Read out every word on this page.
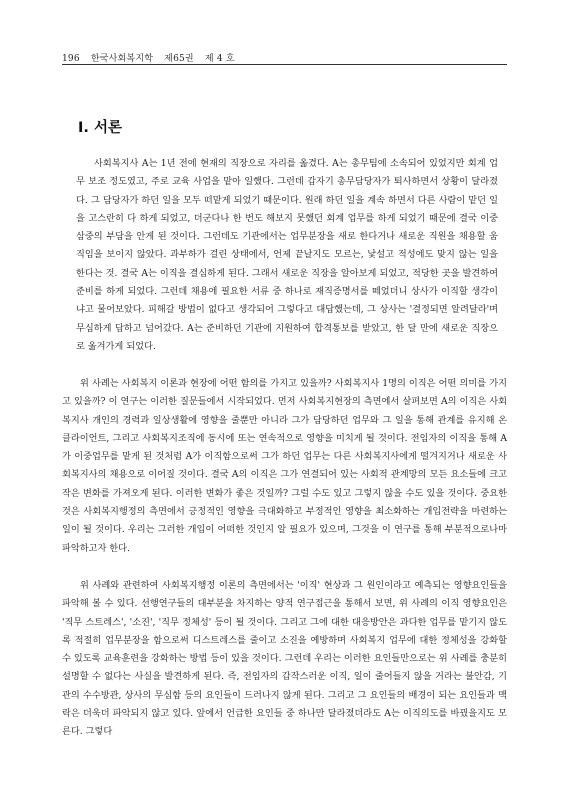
196 한국사회복지학 제65권 제 4 호
I. 서론

사회복지사 A는 1년 전에 현재의 직장으로 자리를 옮겼다. A는 총무팀에 소속되어 있었지만 회계 업무 보조 정도였고, 주로 교육 사업을 맡아 일했다. 그런데 갑자기 총무담당자가 퇴사하면서 상황이 달라졌다. 그 담당자가 하던 일을 모두 떠맡게 되었기 때문이다. 원래 하던 일을 계속 하면서 다른 사람이 맡던 일을 고스란히 다 하게 되었고, 더군다나 한 번도 해보지 못했던 회계 업무를 하게 되었기 때문에 결국 이중삼중의 부담을 안게 된 것이다. 그런데도 기관에서는 업무분장을 새로 한다거나 새로운 직원을 채용할 움직임을 보이지 않았다. 과부하가 걸린 상태에서, 언제 끝날지도 모르는, 낯설고 적성에도 맞지 않는 일을 한다는 것. 결국 A는 이직을 결심하게 된다. 그래서 새로운 직장을 알아보게 되었고, 적당한 곳을 발견하여 준비를 하게 되었다. 그런데 채용에 필요한 서류 중 하나로 재직증명서를 떼었더니 상사가 이직할 생각이냐고 물어보았다. 피해갈 방법이 없다고 생각되어 그렇다고 대답했는데, 그 상사는 '결정되면 알려달라'며 무심하게 답하고 넘어갔다. A는 준비하던 기관에 지원하여 합격통보를 받았고, 한 달 만에 새로운 직장으로 옮겨가게 되었다.

위 사례는 사회복지 이론과 현장에 어떤 함의를 가지고 있을까? 사회복지사 1명의 이직은 어떤 의미를 가지고 있을까? 이 연구는 이러한 질문들에서 시작되었다. 먼저 사회복지현장의 측면에서 살펴보면 A의 이직은 사회복지사 개인의 경력과 일상생활에 영향을 줄뿐만 아니라 그가 담당하던 업무와 그 일을 통해 관계를 유지해 온 클라이언트, 그리고 사회복지조직에 동시에 또는 연속적으로 영향을 미치게 될 것이다. 전임자의 이직을 통해 A가 이중업무를 맡게 된 것처럼 A가 이직함으로써 그가 하던 업무는 다른 사회복지사에게 떨겨지거나 새로운 사회복지사의 채용으로 이어질 것이다. 결국 A의 이직은 그가 연결되어 있는 사회적 관계망의 모든 요소들에 크고 작은 변화를 가져오게 된다. 이러한 변화가 좋은 것일까? 그럴 수도 있고 그렇지 않을 수도 있을 것이다. 중요한 것은 사회복지행정의 측면에서 긍정적인 영향을 극대화하고 부정적인 영향을 최소화하는 개입전략을 마련하는 일이 될 것이다. 우리는 그러한 개입이 어떠한 것인지 알 필요가 있으며, 그것을 이 연구를 통해 부분적으로나마 파악하고자 한다.

위 사례와 관련하여 사회복지행정 이론의 측면에서는 '이직' 현상과 그 원인이라고 예측되는 영향요인들을 파악해 볼 수 있다. 선행연구들의 대부분을 차지하는 양적 연구접근을 통해서 보면, 위 사례의 이직 영향요인은 '직무 스트레스', '소진', '직무 정체성' 등이 될 것이다. 그리고 그에 대한 대응방안은 과다한 업무를 맡기지 않도록 적절히 업무분장을 함으로써 디스트레스를 줄이고 소진을 예방하며 사회복지 업무에 대한 정체성을 강화할 수 있도록 교육훈련을 강화하는 방법 등이 있을 것이다. 그런데 우리는 이러한 요인들만으로는 위 사례를 충분히 설명할 수 없다는 사실을 발견하게 된다. 즉, 전임자의 갑작스러운 이직, 일이 줄어들지 않을 거라는 불안감, 기관의 수수방관, 상사의 무심함 등의 요인들이 드러나지 않게 된다. 그리고 그 요인들의 배경이 되는 요인들과 맥락은 더욱더 파악되지 않고 있다. 앞에서 언급한 요인들 중 하나만 달라졌더라도 A는 이직의도를 바꿨을지도 모른다. 그렇다
